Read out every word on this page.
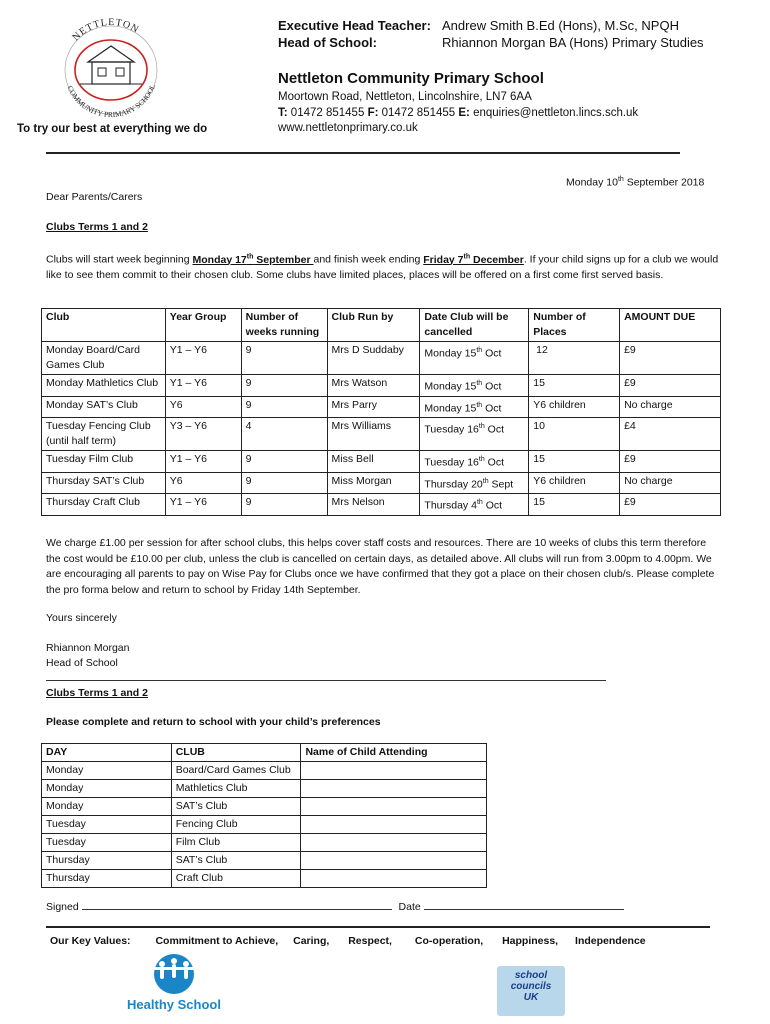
NETTLETON
COMMUNITY PRIMARY SCHOOL
To try our best at everything we do
Executive Head Teacher: Andrew Smith B.Ed (Hons), M.Sc, NPQH
Head of School:	Rhiannon Morgan BA (Hons) Primary Studies
Nettleton Community Primary School
Moortown Road, Nettleton, Lincolnshire, LN7 6AA
T: 01472 851455 F: 01472 851455 E: enquiries@nettleton.lincs.sch.uk
www.nettletonprimary.co.uk
Monday 10th September 2018
Dear Parents/Carers
Clubs Terms 1 and 2
Clubs will start week beginning Monday 17th September and finish week ending Friday 7th December. If your child signs up for a club we would like to see them commit to their chosen club. Some clubs have limited places, places will be offered on a first come first served basis.
Club	Year Group	Number of weeks running	Club Run by	Date Club will be cancelled	Number of Places	AMOUNT DUE
Monday Board/Card Games Club	Y1 – Y6	9	Mrs D Suddaby	Monday 15th Oct	12	£9
Monday Mathletics Club	Y1 – Y6	9	Mrs Watson	Monday 15th Oct	15	£9
Monday SAT’s Club	Y6	9	Mrs Parry	Monday 15th Oct	Y6 children	No charge
Tuesday Fencing Club (until half term)	Y3 – Y6	4	Mrs Williams	Tuesday 16th Oct	10	£4
Tuesday Film Club	Y1 – Y6	9	Miss Bell	Tuesday 16th Oct	15	£9
Thursday SAT’s Club	Y6	9	Miss Morgan	Thursday 20th Sept	Y6 children	No charge
Thursday Craft Club	Y1 – Y6	9	Mrs Nelson	Thursday 4th Oct	15	£9
We charge £1.00 per session for after school clubs, this helps cover staff costs and resources. There are 10 weeks of clubs this term therefore the cost would be £10.00 per club, unless the club is cancelled on certain days, as detailed above. All clubs will run from 3.00pm to 4.00pm. We are encouraging all parents to pay on Wise Pay for Clubs once we have confirmed that they got a place on their chosen club/s. Please complete the pro forma below and return to school by Friday 14th September.
Yours sincerely
Rhiannon Morgan
Head of School
Clubs Terms 1 and 2
Please complete and return to school with your child’s preferences
DAY	CLUB	Name of Child Attending
Monday	Board/Card Games Club	
Monday	Mathletics Club	
Monday	SAT’s Club	
Tuesday	Fencing Club	
Tuesday	Film Club	
Thursday	SAT’s Club	
Thursday	Craft Club	
Signed	Date
Our Key Values: Commitment to Achieve, Caring, Respect, Co-operation, Happiness, Independence
Healthy School
school
councils
UK
